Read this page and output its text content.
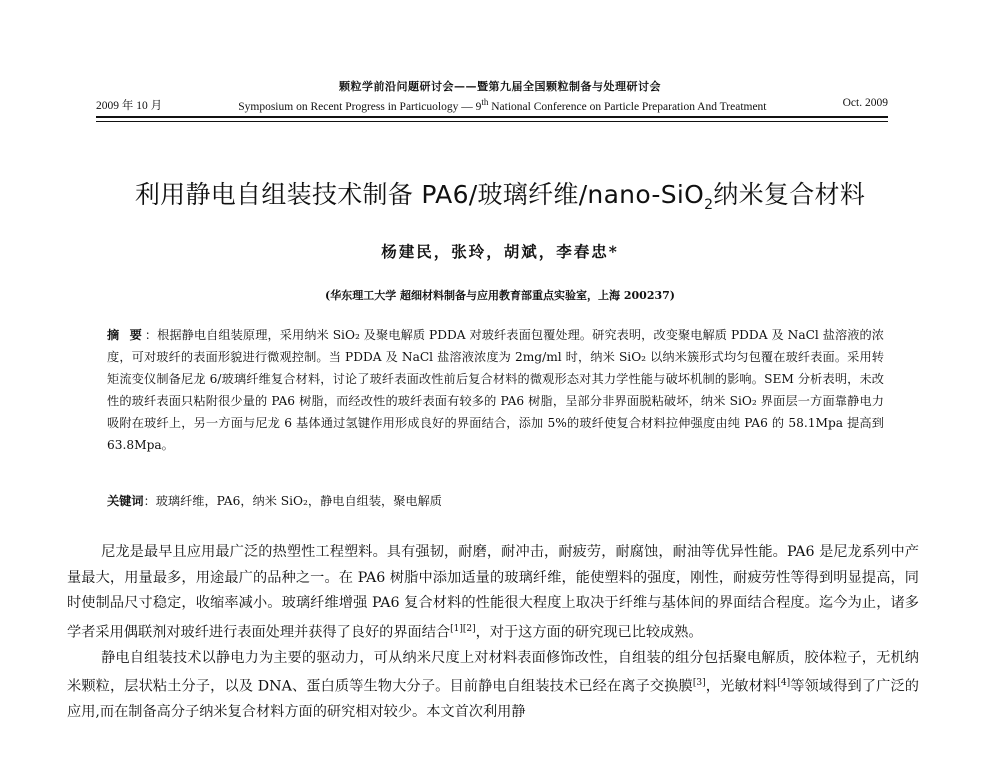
颗粒学前沿问题研讨会——暨第九届全国颗粒制备与处理研讨会
2009 年 10 月	Symposium on Recent Progress in Particuology — 9th National Conference on Particle Preparation And Treatment	Oct. 2009
利用静电自组装技术制备 PA6/玻璃纤维/nano-SiO$_2$纳米复合材料
杨建民，张玲，胡斌，李春忠*
(华东理工大学 超细材料制备与应用教育部重点实验室，上海 200237)
摘 要：根据静电自组装原理，采用纳米 SiO₂ 及聚电解质 PDDA 对玻纤表面包覆处理。研究表明，改变聚电解质 PDDA 及 NaCl 盐溶液的浓度，可对玻纤的表面形貌进行微观控制。当 PDDA 及 NaCl 盐溶液浓度为 2mg/ml 时，纳米 SiO₂ 以纳米簇形式均匀包覆在玻纤表面。采用转矩流变仪制备尼龙 6/玻璃纤维复合材料，讨论了玻纤表面改性前后复合材料的微观形态对其力学性能与破坏机制的影响。SEM 分析表明，未改性的玻纤表面只粘附很少量的 PA6 树脂，而经改性的玻纤表面有较多的 PA6 树脂，呈部分非界面脱粘破坏，纳米 SiO₂ 界面层一方面靠静电力吸附在玻纤上，另一方面与尼龙 6 基体通过氢键作用形成良好的界面结合，添加 5%的玻纤使复合材料拉伸强度由纯 PA6 的 58.1Mpa 提高到 63.8Mpa。
关键词：玻璃纤维，PA6，纳米 SiO₂，静电自组装，聚电解质

尼龙是最早且应用最广泛的热塑性工程塑料。具有强韧，耐磨，耐冲击，耐疲劳，耐腐蚀，耐油等优异性能。PA6 是尼龙系列中产量最大，用量最多，用途最广的品种之一。在 PA6 树脂中添加适量的玻璃纤维，能使塑料的强度，刚性，耐疲劳性等得到明显提高，同时使制品尺寸稳定，收缩率减小。玻璃纤维增强 PA6 复合材料的性能很大程度上取决于纤维与基体间的界面结合程度。迄今为止，诸多学者采用偶联剂对玻纤进行表面处理并获得了良好的界面结合[1][2]，对于这方面的研究现已比较成熟。

静电自组装技术以静电力为主要的驱动力，可从纳米尺度上对材料表面修饰改性，自组装的组分包括聚电解质，胶体粒子，无机纳米颗粒，层状粘土分子，以及 DNA、蛋白质等生物大分子。目前静电自组装技术已经在离子交换膜[3]，光敏材料[4]等领域得到了广泛的应用,而在制备高分子纳米复合材料方面的研究相对较少。本文首次利用静
